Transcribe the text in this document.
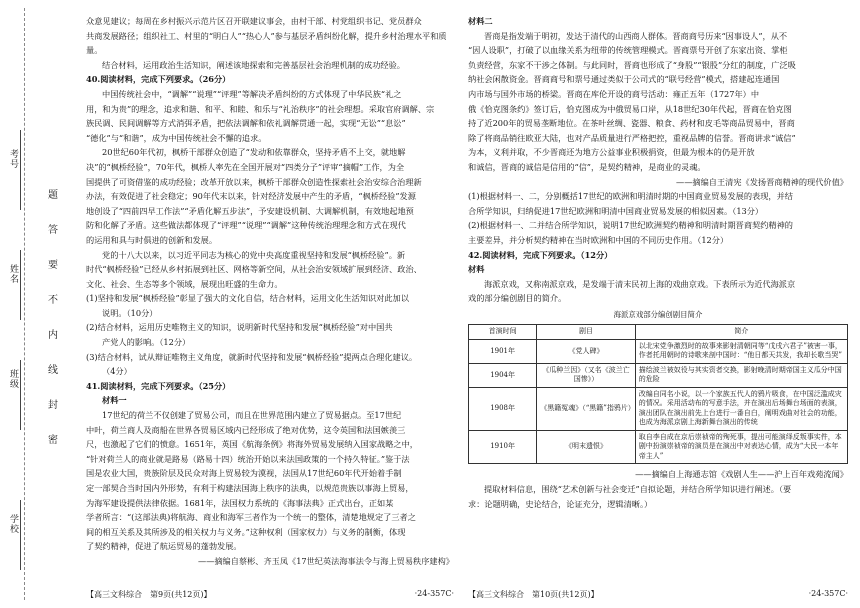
考号
姓名
班级
学校
密
封
线
内
不
要
答
题

众意见建议；每周在乡村振兴示范片区召开联建议事会，由村干部、村党组织书记、党员群众

共商发展路径；组织社工、村里的“明白人”“热心人”参与基层矛盾纠纷化解，提升乡村治理水平和质量。

结合材料，运用政治生活知识，阐述该地探索和完善基层社会治理机制的成功经验。

40.阅读材料，完成下列要求。（26分）

中国传统社会中，“调解”“说理”“评理”等解决矛盾纠纷的方式体现了中华民族“礼之

用，和为贵”的理念，追求和谐、和平、和睦、和乐与“礼治秩序”的社会理想。采取官府调解、宗

族民调、民间调解等方式消弭矛盾，把依法调解和依礼调解贯通一起，实现“无讼”“息讼”

“德化”与“和谐”，成为中国传统社会不懈的追求。

20世纪60年代初，枫桥干部群众创造了“发动和依靠群众，坚持矛盾不上交，就地解

决”的“枫桥经验”，70年代，枫桥人率先在全国开展对“四类分子”评审“摘帽”工作，为全

国提供了可资借鉴的成功经验；改革开放以来，枫桥干部群众创造性探索社会治安综合治理新

办法，有效促进了社会稳定；90年代末以来，针对经济发展中产生的矛盾，“枫桥经验”发源

地创设了“四前四早工作法”“矛盾化解五步法”，予安建设机制、大调解机制，有效地起地预

防和化解了矛盾。这些做法都体现了“评理”“说理”“调解”这种传统治理理念和方式在现代

的运用和具与时俱进的创新和发展。

党的十八大以来，以习近平同志为核心的党中央高度重视坚持和发展“枫桥经验”。新

时代“枫桥经验”已经从乡村拓展到社区、网格等新空间，从社会治安领域扩展到经济、政治、

文化、社会、生态等多个领域，展现出旺盛的生命力。

(1)坚持和发展“枫桥经验”彰显了强大的文化自信，结合材料，运用文化生活知识对此加以

说明。（10分）

(2)结合材料，运用历史唯物主义的知识，说明新时代坚持和发展“枫桥经验”对中国共

产党人的影响。（12分）

(3)结合材料，试从辩证唯物主义角度，就新时代坚持和发展“枫桥经验”提两点合理化建议。

（4分）

41.阅读材料，完成下列要求。（25分）

材料一

17世纪的荷兰不仅创建了贸易公司，而且在世界范围内建立了贸易据点。至17世纪

中叶，荷兰商人及商船在世界各贸易区域内已经形成了绝对优势，这令英国和法国嫉羡三

尺，也激起了它们的愤意。1651年，英国《航海条例》将海外贸易发展纳入国家战略之中，

“针对荷兰人的商业就是路易（路易十四）统治开始以来法国政策的一个持久特征。”鉴于法

国是农业大国，贵族阶层及民众对海上贸易较为漠视，法国从17世纪60年代开始着手制

定一部契合当时国内外形势，有利于构建法国海上秩序的法典，以规范贵族以事海上贸易，

为海军建设提供法律依据。1681年，法国权力系统的《海事法典》正式出台，正如某

学者所言：“(这部法典)将航海、商业和海军三者作为一个统一的整体，清楚地规定了三者之

间的相互关系及其所涉及的相关权力与义务。”这种权利（国家权力）与义务的制衡，体现

了契约精神，促进了航运贸易的蓬勃发展。

——摘编自蔡彬、齐玉凤《17世纪英法海事法令与海上贸易秩序建构》

材料二

晋商是指发端于明初，发达于清代的山西商人群体。晋商商号历来“因事设人”，从不

“因人设职”，打破了以血缘关系为纽带的传统管理模式。晋商票号开创了东家出资、掌柜

负责经营，东家不干涉之体制。与此同时，晋商也形成了“身股”“银股”分红的制度，广泛吸

纳社会闲散资金。晋商商号和票号通过类似于公司式的“联号经营”模式，搭建起连通国

内市场与国外市场的桥梁。晋商在库伦开设的商号活动：雍正五年（1727年）中

俄《恰克图条约》签订后，恰克图成为中俄贸易口岸，从18世纪30年代起，晋商在恰克图

持了近200年的贸易垄断地位。在茶叶丝绸、瓷器、粮食、药材和皮毛等商品贸易中，晋商

除了将商品销往欧亚大陆，也对产品质量进行严格把控，重视品牌的信誉。晋商讲求“诚信”

为本，义利并取，不少晋商还为地方公益事业积极捐资，但最为根本的仍是开放

和诚信，晋商的诚信是信用的“信”，是契约精神，是商业的灵魂。

——摘编自王清宪《发扬晋商精神的现代价值》

(1)根据材料一、二，分别概括17世纪的欧洲和明清时期的中国商业贸易发展的表现，并结

合所学知识，归纳促进17世纪欧洲和明清中国商业贸易发展的相似因素。（13分）

(2)根据材料一、二并结合所学知识，说明17世纪欧洲契约精神和明清时期晋商契约精神的

主要差异，并分析契约精神在当时欧洲和中国的不同历史作用。（12分）

42.阅读材料，完成下列要求。（12分）

材料

海派京戏，又称南派京戏，是发端于清末民初上海的戏曲京戏。下表所示为近代海派京

戏的部分编创剧目的简介。

海派京戏部分编创剧目简介
首演时间	剧目	简介
1901年	《党人碑》	以北宋党争激烈时的故事来影射清朝同等“戊戌六君子”被害一事，作者托用朝时的诗歌来剖中国时：“他日都天共发，我却长歌当哭”
1904年	《瓜种兰因》（又名《波兰亡国惨》）	描绘波兰被奴役与其实资者交换，影射晚清时期帝国主义瓜分中国的危险
1908年	《黑籍冤魂》（“黑籍”指鸦片）	改编自同名小说，以一个家族五代人的鸦片吸食，在中国泛滥成灾的情况。采用活动布的写意手法，并在演出后场舞台场面的表演，演出团队在演出前先上台进行一番自白，阐明戏曲对社会的功能，也成为海派京剧上海新舞台演出的传统
1910年	《明末遗恨》	取自李自成在京后崇祯帝的殉死事，提出可能演绎反叛事实件，本剧中扮演崇祯帝的演员是在演出中对表达心情，成为“大民一本年帝主人”

——摘编自上海通志馆《戏剧人生——沪上百年戏苑流闻》

提取材料信息，围绕“艺术创新与社会变迁”自拟论题，并结合所学知识进行阐述。（要

求：论题明确，史论结合，论证充分，逻辑清晰。）

【高三文科综合　第9页(共12页)】	·24-357C· 【高三文科综合　第10页(共12页)】	·24-357C·
